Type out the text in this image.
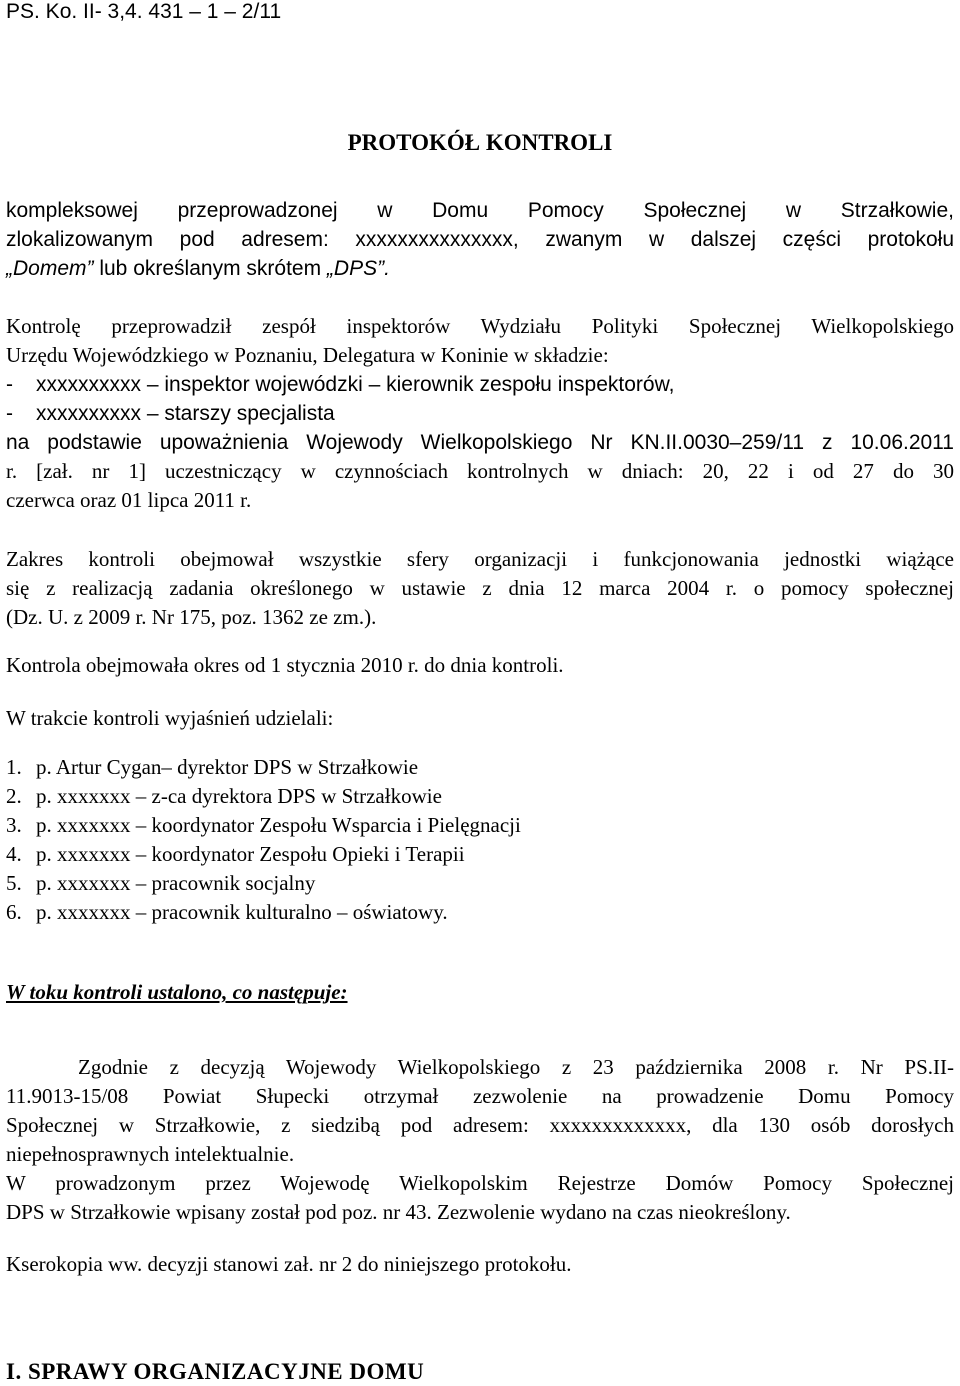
PS. Ko. II- 3,4. 431 – 1 – 2/11
PROTOKÓŁ KONTROLI
kompleksowej przeprowadzonej w Domu Pomocy Społecznej w Strzałkowie,
zlokalizowanym pod adresem: xxxxxxxxxxxxxxx, zwanym w dalszej części protokołu
„Domem” lub określanym skrótem „DPS”.
Kontrolę przeprowadził zespół inspektorów Wydziału Polityki Społecznej Wielkopolskiego
Urzędu Wojewódzkiego w Poznaniu, Delegatura w Koninie w składzie:
- xxxxxxxxxx – inspektor wojewódzki – kierownik zespołu inspektorów,
- xxxxxxxxxx – starszy specjalista
na podstawie upoważnienia Wojewody Wielkopolskiego Nr KN.II.0030–259/11 z 10.06.2011
r. [zał. nr 1] uczestniczący w czynnościach kontrolnych w dniach: 20, 22 i od 27 do 30
czerwca oraz 01 lipca 2011 r.
Zakres kontroli obejmował wszystkie sfery organizacji i funkcjonowania jednostki wiążące
się z realizacją zadania określonego w ustawie z dnia 12 marca 2004 r. o pomocy społecznej
(Dz. U. z 2009 r. Nr 175, poz. 1362 ze zm.).
Kontrola obejmowała okres od 1 stycznia 2010 r. do dnia kontroli.
W trakcie kontroli wyjaśnień udzielali:
1. p. Artur Cygan– dyrektor DPS w Strzałkowie
2. p. xxxxxxx – z-ca dyrektora DPS w Strzałkowie
3. p. xxxxxxx – koordynator Zespołu Wsparcia i Pielęgnacji
4. p. xxxxxxx – koordynator Zespołu Opieki i Terapii
5. p. xxxxxxx – pracownik socjalny
6. p. xxxxxxx – pracownik kulturalno – oświatowy.
W toku kontroli ustalono, co następuje:
Zgodnie z decyzją Wojewody Wielkopolskiego z 23 października 2008 r. Nr PS.II-
11.9013-15/08 Powiat Słupecki otrzymał zezwolenie na prowadzenie Domu Pomocy
Społecznej w Strzałkowie, z siedzibą pod adresem: xxxxxxxxxxxxx, dla 130 osób dorosłych
niepełnosprawnych intelektualnie.
W prowadzonym przez Wojewodę Wielkopolskim Rejestrze Domów Pomocy Społecznej
DPS w Strzałkowie wpisany został pod poz. nr 43. Zezwolenie wydano na czas nieokreślony.
Kserokopia ww. decyzji stanowi zał. nr 2 do niniejszego protokołu.
I. SPRAWY ORGANIZACYJNE DOMU
